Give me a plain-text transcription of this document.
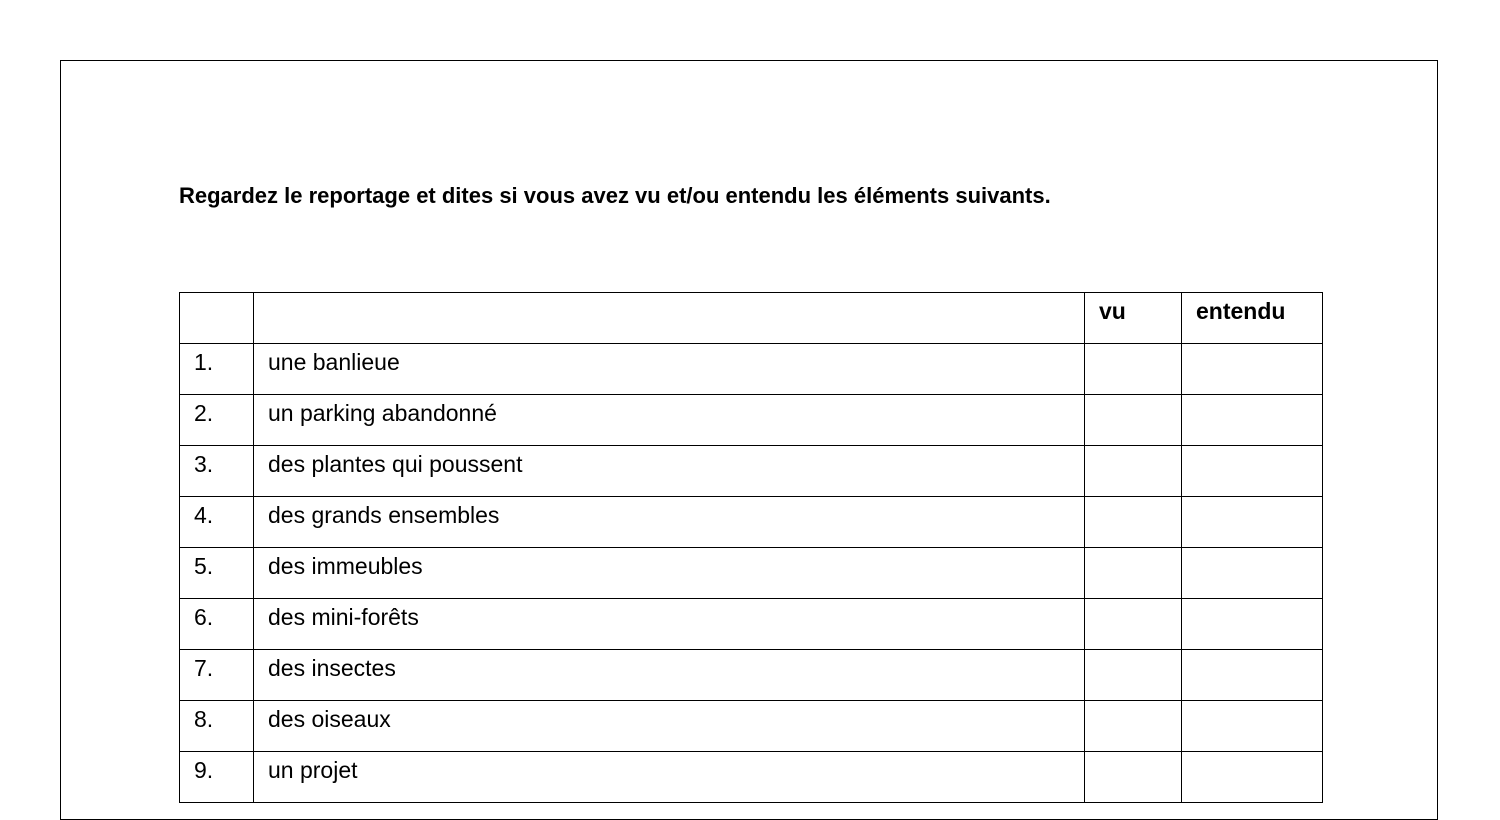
Regardez le reportage et dites si vous avez vu et/ou entendu les éléments suivants.

		vu	entendu
1.	une banlieue		
2.	un parking abandonné		
3.	des plantes qui poussent		
4.	des grands ensembles		
5.	des immeubles		
6.	des mini-forêts		
7.	des insectes		
8.	des oiseaux		
9.	un projet		
